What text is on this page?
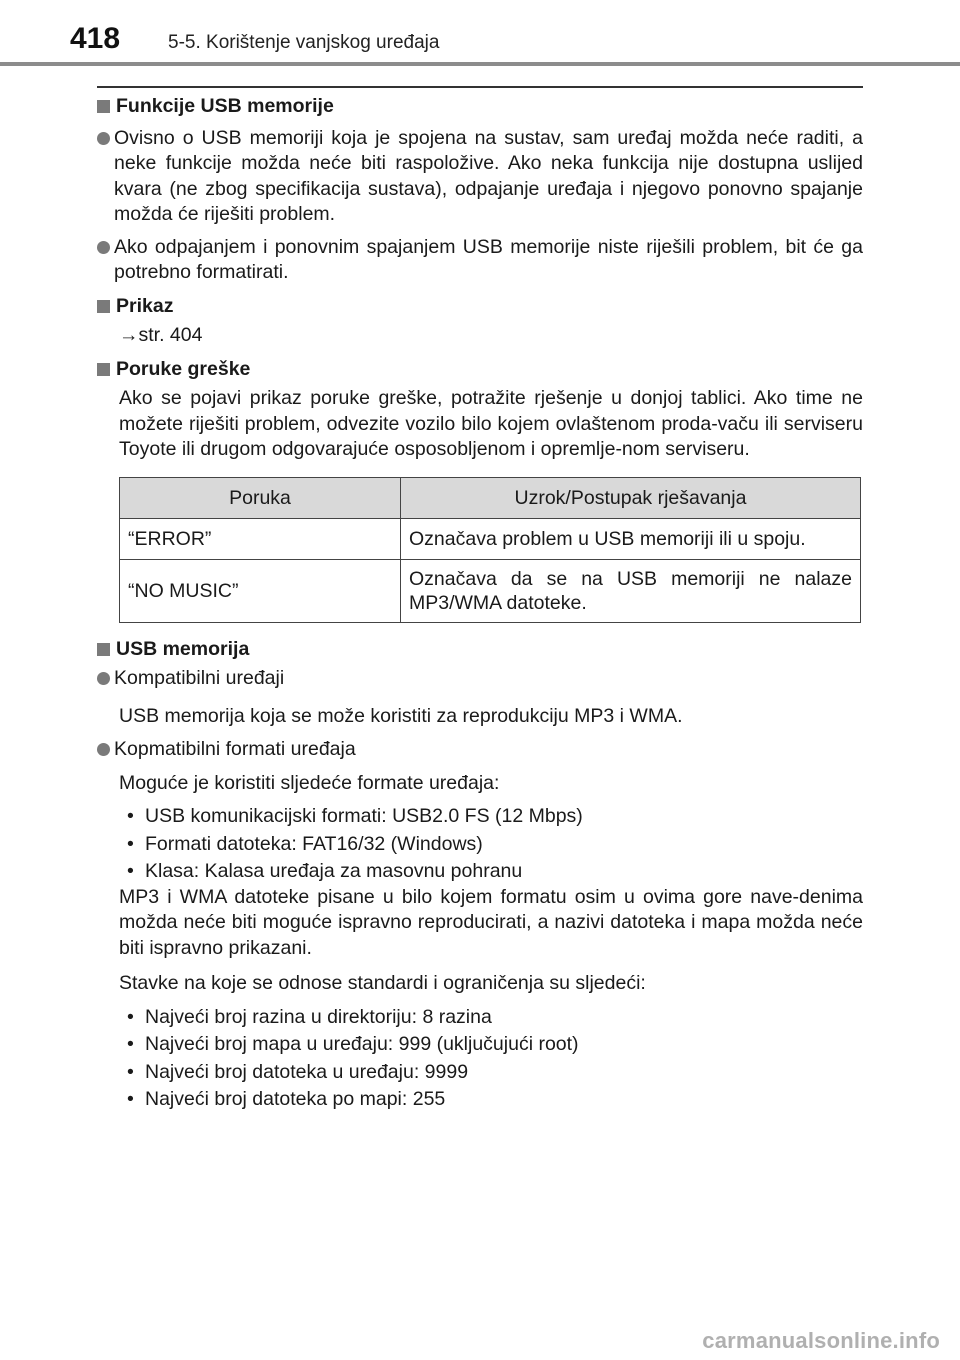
418	5-5. Korištenje vanjskog uređaja
Funkcije USB memorije
Ovisno o USB memoriji koja je spojena na sustav, sam uređaj možda neće raditi, a neke funkcije možda neće biti raspoložive. Ako neka funkcija nije dostupna uslijed kvara (ne zbog specifikacija sustava), odpajanje uređaja i njegovo ponovno spajanje možda će riješiti problem.
Ako odpajanjem i ponovnim spajanjem USB memorije niste riješili problem, bit će ga potrebno formatirati.
Prikaz
→str. 404
Poruke greške
Ako se pojavi prikaz poruke greške, potražite rješenje u donjoj tablici. Ako time ne možete riješiti problem, odvezite vozilo bilo kojem ovlaštenom proda-vaču ili serviseru Toyote ili drugom odgovarajuće osposobljenom i opremlje-nom serviseru.
Poruka	Uzrok/Postupak rješavanja
“ERROR”	Označava problem u USB memoriji ili u spoju.
“NO MUSIC”	Označava da se na USB memoriji ne nalaze MP3/WMA datoteke.
USB memorija
Kompatibilni uređaji
USB memorija koja se može koristiti za reprodukciju MP3 i WMA.
Kopmatibilni formati uređaja
Moguće je koristiti sljedeće formate uređaja:
• USB komunikacijski formati: USB2.0 FS (12 Mbps)
• Formati datoteka: FAT16/32 (Windows)
• Klasa: Kalasa uređaja za masovnu pohranu
MP3 i WMA datoteke pisane u bilo kojem formatu osim u ovima gore nave-denima možda neće biti moguće ispravno reproducirati, a nazivi datoteka i mapa možda neće biti ispravno prikazani.
Stavke na koje se odnose standardi i ograničenja su sljedeći:
• Najveći broj razina u direktoriju: 8 razina
• Najveći broj mapa u uređaju: 999 (uključujući root)
• Najveći broj datoteka u uređaju: 9999
• Najveći broj datoteka po mapi: 255
carmanualsonline.info
